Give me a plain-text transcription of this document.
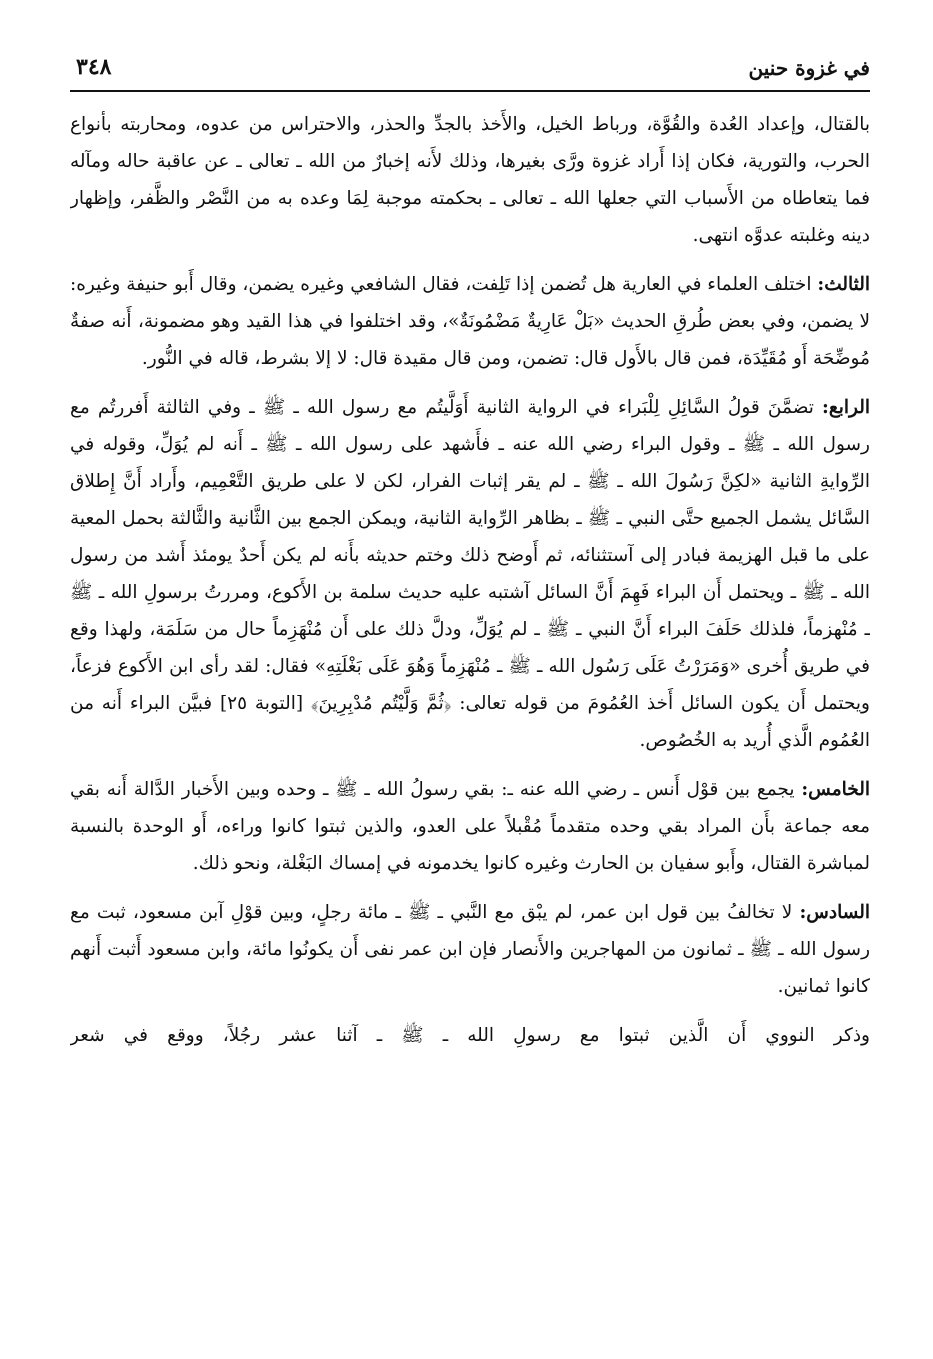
في غزوة حنين
٣٤٨

بالقتال، وإعداد العُدة والقُوَّة، ورباط الخيل، والأَخذ بالجدِّ والحذر، والاحتراس من عدوه، ومحاربته بأنواع الحرب، والتورية، فكان إذا أَراد غزوة ورَّى بغيرها، وذلك لأَنه إخبارٌ من الله ـ تعالى ـ عن عاقبة حاله ومآله فما يتعاطاه من الأَسباب التي جعلها الله ـ تعالى ـ بحكمته موجبة لِمَا وعده به من النَّصْر والظَّفر، وإظهار دينه وغلبته عدوَّه انتهى.

الثالث: اختلف العلماء في العارية هل تُضمن إذا تَلِفت، فقال الشافعي وغيره يضمن، وقال أَبو حنيفة وغيره: لا يضمن، وفي بعض طُرقِ الحديث «بَلْ عَارِيةٌ مَضْمُونَةٌ»، وقد اختلفوا في هذا القيد وهو مضمونة، أَنه صفةٌ مُوضِّحَة أَو مُقَيِّدَة، فمن قال بالأَول قال: تضمن، ومن قال مقيدة قال: لا إلا بشرط، قاله في النُّور.

الرابع: تضمَّنَ قولُ السَّائِلِ لِلْبَراء في الرواية الثانية أَوَلَّيتُم مع رسول الله ـ ﷺ ـ وفي الثالثة أَفررتُم مع رسول الله ـ ﷺ ـ وقول البراء رضي الله عنه ـ فأَشهد على رسول الله ـ ﷺ ـ أَنه لم يُوَلِّ، وقوله في الرِّوايةِ الثانية «لكِنَّ رَسُولَ الله ـ ﷺ ـ لم يقر إثبات الفرار، لكن لا على طريق التَّعْمِيم، وأَراد أَنَّ إِطلاق السَّائل يشمل الجميع حتَّى النبي ـ ﷺ ـ بظاهر الرِّواية الثانية، ويمكن الجمع بين الثَّانية والثَّالثة بحمل المعية على ما قبل الهزيمة فبادر إلى آستثنائه، ثم أَوضح ذلك وختم حديثه بأَنه لم يكن أَحدٌ يومئذ أَشد من رسول الله ـ ﷺ ـ ويحتمل أَن البراء فَهِمَ أَنَّ السائل آشتبه عليه حديث سلمة بن الأَكوع، ومررتُ برسولِ الله ـ ﷺ ـ مُنْهزماً، فلذلك حَلَفَ البراء أَنَّ النبي ـ ﷺ ـ لم يُوَلِّ، ودلَّ ذلك على أَن مُنْهَزِماً حال من سَلَمَة، ولهذا وقع في طريق أُخرى «وَمَرَرْتُ عَلَى رَسُول الله ـ ﷺ ـ مُنْهَزِماً وَهُوَ عَلَى بَغْلَتِهِ» فقال: لقد رأى ابن الأَكوع فزعاً، ويحتمل أَن يكون السائل أَخذ العُمُومَ من قوله تعالى: ﴿ثُمَّ وَلَّيْتُم مُدْبِرِينَ﴾ [التوبة ٢٥] فبيَّن البراء أَنه من العُمُوم الَّذي أُريد به الخُصُوص.

الخامس: يجمع بين قوْل أَنس ـ رضي الله عنه ـ: بقي رسولُ الله ـ ﷺ ـ وحده وبين الأَخبار الدَّالة أَنه بقي معه جماعة بأَن المراد بقي وحده متقدماً مُقْبلاً على العدو، والذين ثبتوا كانوا وراءه، أَو الوحدة بالنسبة لمباشرة القتال، وأَبو سفيان بن الحارث وغيره كانوا يخدمونه في إمساك البَغْلة، ونحو ذلك.

السادس: لا تخالفُ بين قول ابن عمر، لم يبْق مع النَّبي ـ ﷺ ـ مائة رجلٍ، وبين قوْلِ آبن مسعود، ثبت مع رسول الله ـ ﷺ ـ ثمانون من المهاجرين والأَنصار فإن ابن عمر نفى أَن يكونُوا مائة، وابن مسعود أَثبت أَنهم كانوا ثمانين.

وذكر النووي أَن الَّذين ثبتوا مع رسولِ الله ـ ﷺ ـ آثنا عشر رجُلاً، ووقع في شعر
